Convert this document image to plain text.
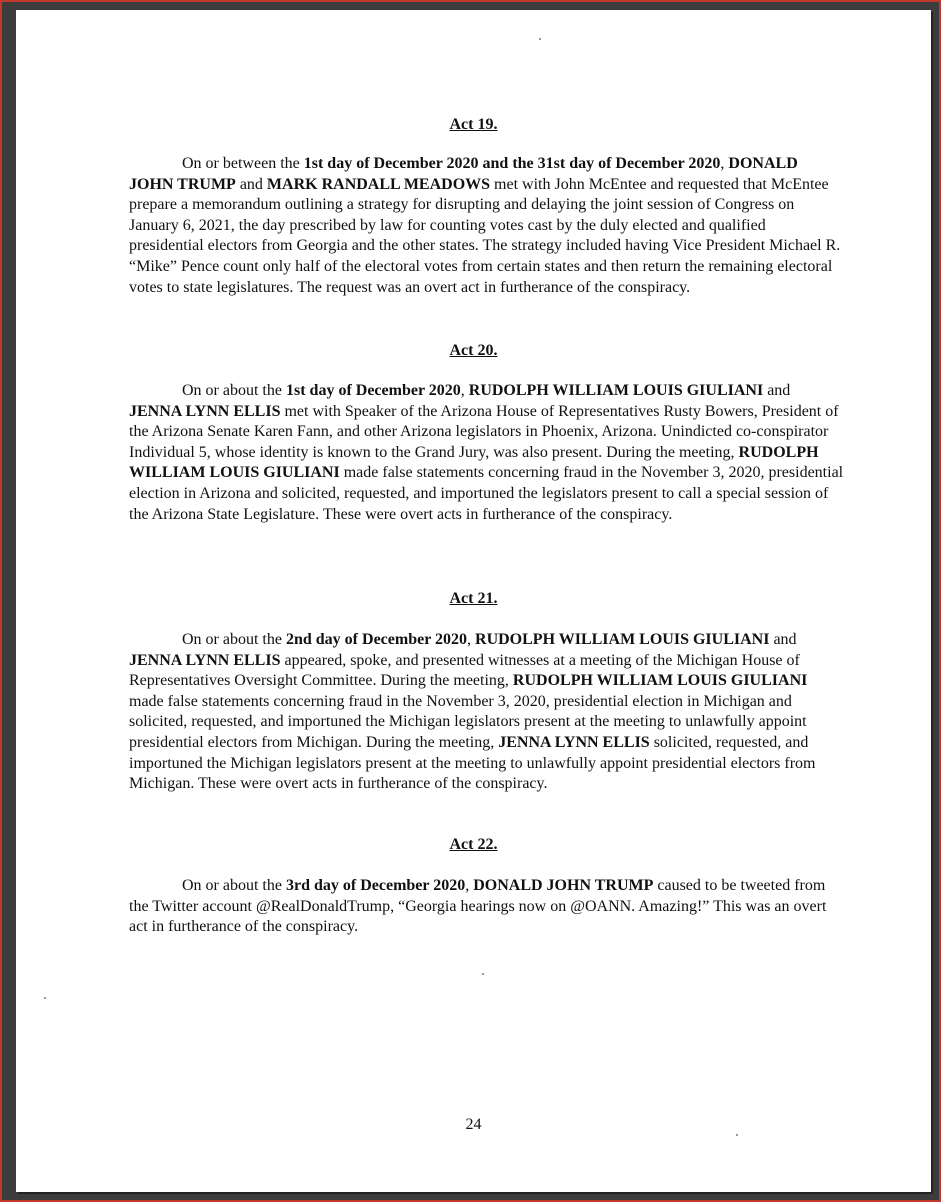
Act 19.
On or between the 1st day of December 2020 and the 31st day of December 2020, DONALD JOHN TRUMP and MARK RANDALL MEADOWS met with John McEntee and requested that McEntee prepare a memorandum outlining a strategy for disrupting and delaying the joint session of Congress on January 6, 2021, the day prescribed by law for counting votes cast by the duly elected and qualified presidential electors from Georgia and the other states. The strategy included having Vice President Michael R. “Mike” Pence count only half of the electoral votes from certain states and then return the remaining electoral votes to state legislatures. The request was an overt act in furtherance of the conspiracy.
Act 20.
On or about the 1st day of December 2020, RUDOLPH WILLIAM LOUIS GIULIANI and JENNA LYNN ELLIS met with Speaker of the Arizona House of Representatives Rusty Bowers, President of the Arizona Senate Karen Fann, and other Arizona legislators in Phoenix, Arizona. Unindicted co-conspirator Individual 5, whose identity is known to the Grand Jury, was also present. During the meeting, RUDOLPH WILLIAM LOUIS GIULIANI made false statements concerning fraud in the November 3, 2020, presidential election in Arizona and solicited, requested, and importuned the legislators present to call a special session of the Arizona State Legislature. These were overt acts in furtherance of the conspiracy.
Act 21.
On or about the 2nd day of December 2020, RUDOLPH WILLIAM LOUIS GIULIANI and JENNA LYNN ELLIS appeared, spoke, and presented witnesses at a meeting of the Michigan House of Representatives Oversight Committee. During the meeting, RUDOLPH WILLIAM LOUIS GIULIANI made false statements concerning fraud in the November 3, 2020, presidential election in Michigan and solicited, requested, and importuned the Michigan legislators present at the meeting to unlawfully appoint presidential electors from Michigan. During the meeting, JENNA LYNN ELLIS solicited, requested, and importuned the Michigan legislators present at the meeting to unlawfully appoint presidential electors from Michigan. These were overt acts in furtherance of the conspiracy.
Act 22.
On or about the 3rd day of December 2020, DONALD JOHN TRUMP caused to be tweeted from the Twitter account @RealDonaldTrump, “Georgia hearings now on @OANN. Amazing!” This was an overt act in furtherance of the conspiracy.
24
